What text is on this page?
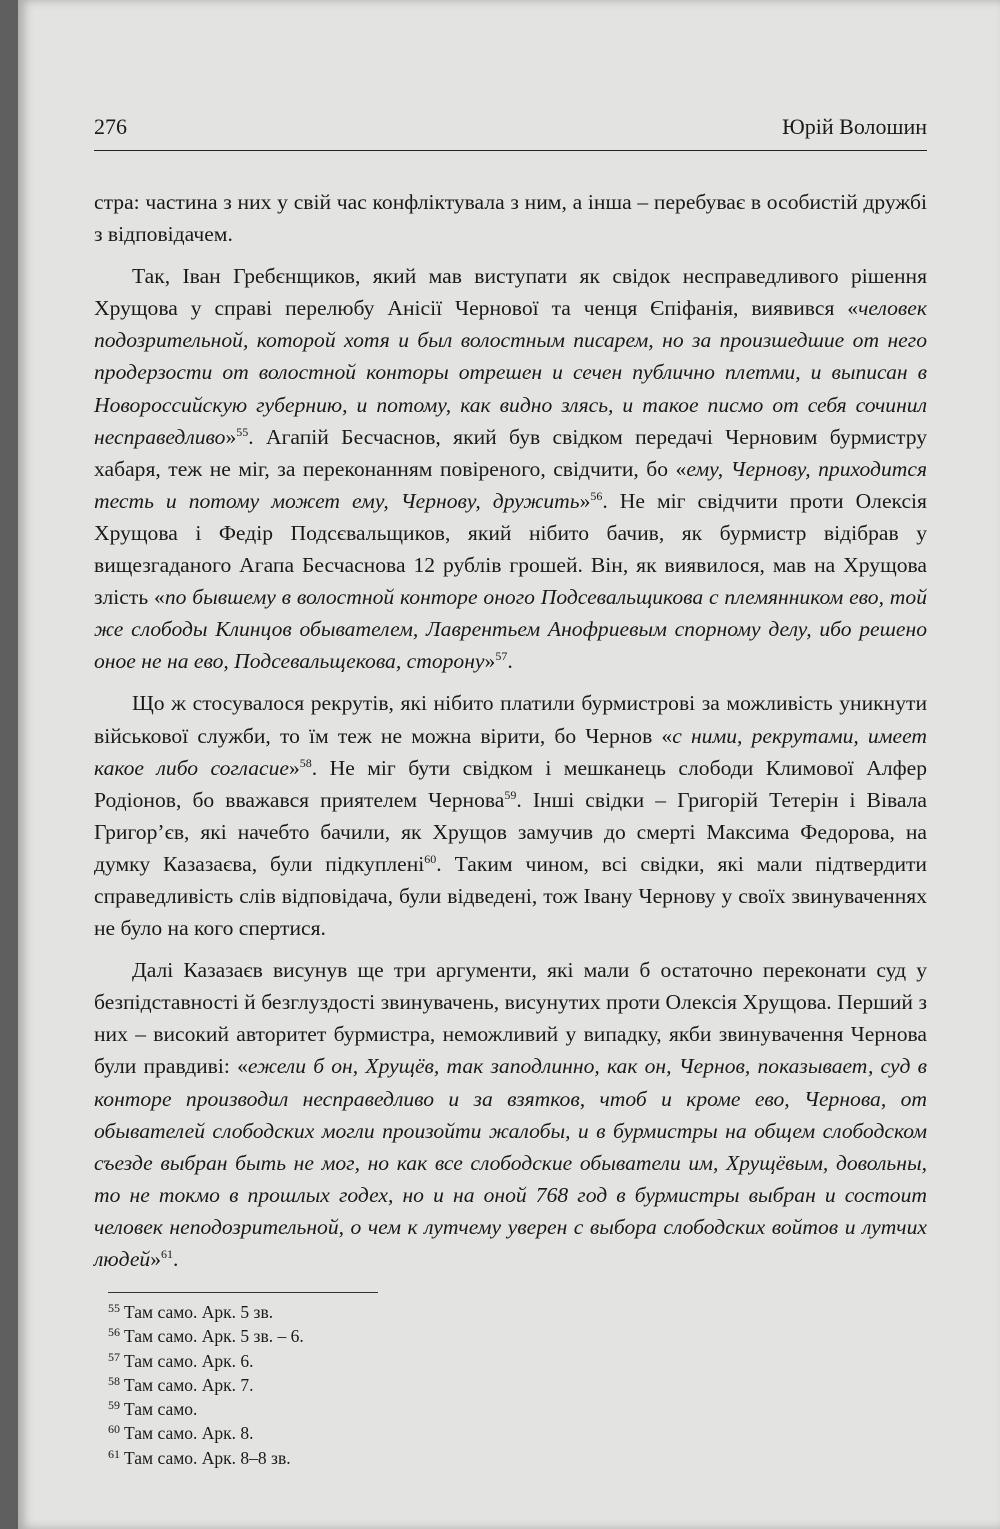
276	Юрій Волошин

стра: частина з них у свій час конфліктувала з ним, а інша – перебуває в особистій дружбі з відповідачем.

Так, Іван Гребєнщиков, який мав виступати як свідок несправедливого рішення Хрущова у справі перелюбу Анісії Чернової та ченця Єпіфанія, виявився «человек подозрительной, которой хотя и был волостным писарем, но за произшедшие от него продерзости от волостной конторы отрешен и сечен публично плетми, и выписан в Новороссийскую губернию, и потому, как видно злясь, и такое писмо от себя сочинил несправедливо»$^{55}$. Агапій Бесчаснов, який був свідком передачі Черновим бурмистру хабаря, теж не міг, за переконанням повіреного, свідчити, бо «ему, Чернову, приходится тесть и потому может ему, Чернову, дружить»$^{56}$. Не міг свідчити проти Олексія Хрущова і Федір Подсєвальщиков, який нібито бачив, як бурмистр відібрав у вищезгаданого Агапа Бесчаснова 12 рублів грошей. Він, як виявилося, мав на Хрущова злість «по бывшему в волостной конторе оного Подсевальщикова с племянником ево, той же слободы Клинцов обывателем, Лаврентьем Анофриевым спорному делу, ибо решено оное не на ево, Подсевальщекова, сторону»$^{57}$.

Що ж стосувалося рекрутів, які нібито платили бурмистрові за можливість уникнути військової служби, то їм теж не можна вірити, бо Чернов «с ними, рекрутами, имеет какое либо согласие»$^{58}$. Не міг бути свідком і мешканець слободи Климової Алфер Родіонов, бо вважався приятелем Чернова$^{59}$. Інші свідки – Григорій Тетерін і Вівала Григор’єв, які начебто бачили, як Хрущов замучив до смерті Максима Федорова, на думку Казазаєва, були підкуплені$^{60}$. Таким чином, всі свідки, які мали підтвердити справедливість слів відповідача, були відведені, тож Івану Чернову у своїх звинуваченнях не було на кого спертися.

Далі Казазаєв висунув ще три аргументи, які мали б остаточно переконати суд у безпідставності й безглуздості звинувачень, висунутих проти Олексія Хрущова. Перший з них – високий авторитет бурмистра, неможливий у випадку, якби звинувачення Чернова були правдиві: «ежели б он, Хрущёв, так заподлинно, как он, Чернов, показывает, суд в конторе производил несправедливо и за взятков, чтоб и кроме ево, Чернова, от обывателей слободских могли произойти жалобы, и в бурмистры на общем слободском съезде выбран быть не мог, но как все слободские обыватели им, Хрущёвым, довольны, то не токмо в прошлых годех, но и на оной 768 год в бурмистры выбран и состоит человек неподозрительной, о чем к лутчему уверен с выбора слободских войтов и лутчих людей»$^{61}$.

$^{55}$ Там само. Арк. 5 зв.
$^{56}$ Там само. Арк. 5 зв. – 6.
$^{57}$ Там само. Арк. 6.
$^{58}$ Там само. Арк. 7.
$^{59}$ Там само.
$^{60}$ Там само. Арк. 8.
$^{61}$ Там само. Арк. 8–8 зв.
